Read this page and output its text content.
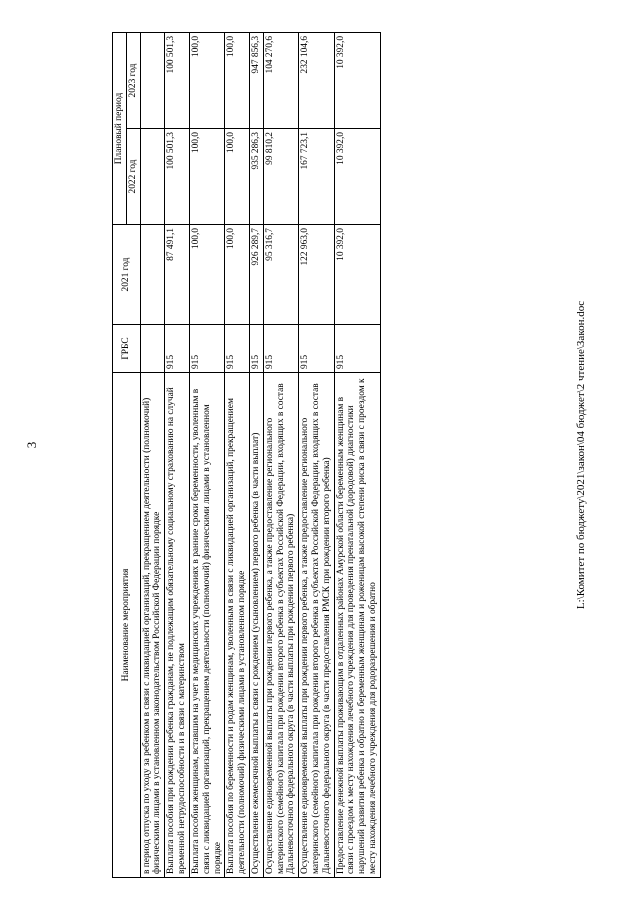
3
Наименование мероприятия	ГРБС	2021 год	Плановый период	
			2022 год	2023 год
в период отпуска по уходу за ребенком в связи с ликвидацией организаций, прекращением деятельности (полномочий) физическими лицами в установленном законодательством Российской Федерации порядке				
Выплата пособия при рождении ребенка гражданам, не подлежащим обязательному социальному страхованию на случай временной нетрудоспособности и в связи с материнством	915	87 491,1	100 501,3	100 501,3
Выплата пособия женщинам, вставшим на учет в медицинских учреждениях в ранние сроки беременности, уволенным в связи с ликвидацией организаций, прекращением деятельности (полномочий) физическими лицами в установленном порядке	915	100,0	100,0	100,0
Выплата пособия по беременности и родам женщинам, уволенным в связи с ликвидацией организаций, прекращением деятельности (полномочий) физическими лицами в установленном порядке	915	100,0	100,0	100,0
Осуществление ежемесячной выплаты в связи с рождением (усыновлением) первого ребенка (в части выплат)	915	926 289,7	935 286,3	947 856,3
Осуществление единовременной выплаты при рождении первого ребенка, а также предоставление регионального материнского (семейного) капитала при рождении второго ребенка в субъектах Российской Федерации, входящих в состав Дальневосточного федерального округа (в части выплаты при рождении первого ребенка)	915	95 316,7	99 810,2	104 270,6
Осуществление единовременной выплаты при рождении первого ребенка, а также предоставление регионального материнского (семейного) капитала при рождении второго ребенка в субъектах Российской Федерации, входящих в состав Дальневосточного федерального округа (в части предоставления РМСК при рождении второго ребенка)	915	122 963,0	167 723,1	232 104,6
Предоставление денежной выплаты проживающим в отдаленных районах Амурской области беременным женщинам в связи с проездом к месту нахождения лечебного учреждения для проведения пренатальной (дородовой) диагностики нарушений развития ребенка и обратно и беременным женщинам и роженицам высокой степени риска в связи с проездом к месту нахождения лечебного учреждения для родоразрешения и обратно	915	10 392,0	10 392,0	10 392,0
L:\Комитет по бюджету\2021\закон\04 бюджет\2 чтение\Закон.doc
